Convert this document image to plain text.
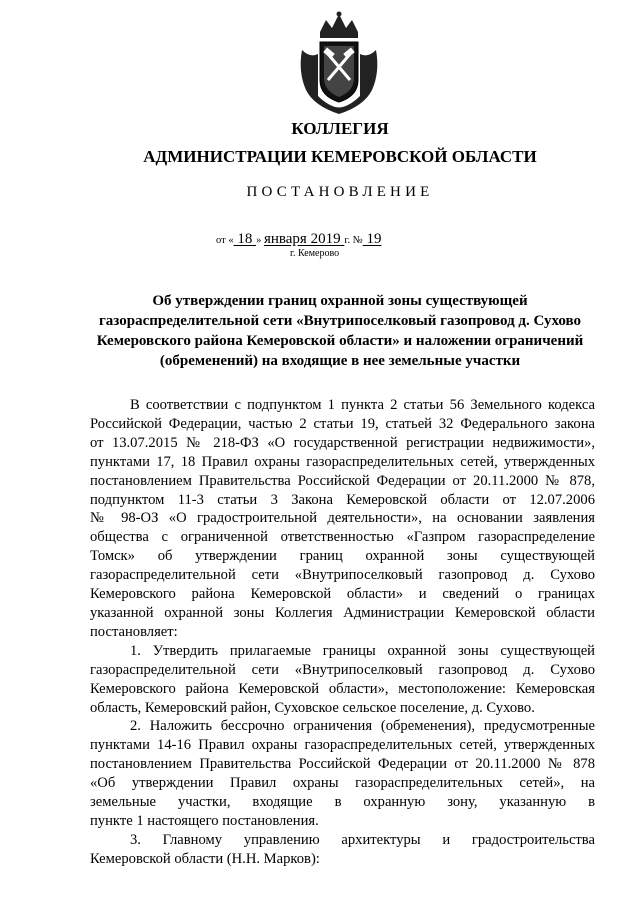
КОЛЛЕГИЯ
АДМИНИСТРАЦИИ КЕМЕРОВСКОЙ ОБЛАСТИ
ПОСТАНОВЛЕНИЕ
от « 18 » января 2019 г. № 19
г. Кемерово
Об утверждении границ охранной зоны существующей
газораспределительной сети «Внутрипоселковый газопровод д. Сухово
Кемеровского района Кемеровской области» и наложении ограничений
(обременений) на входящие в нее земельные участки
В соответствии с подпунктом 1 пункта 2 статьи 56 Земельного кодекса
Российской Федерации, частью 2 статьи 19, статьей 32 Федерального закона
от 13.07.2015 № 218-ФЗ «О государственной регистрации недвижимости»,
пунктами 17, 18 Правил охраны газораспределительных сетей, утвержденных
постановлением Правительства Российской Федерации от 20.11.2000 № 878,
подпунктом 11-3 статьи 3 Закона Кемеровской области от 12.07.2006
№ 98-ОЗ «О градостроительной деятельности», на основании заявления
общества с ограниченной ответственностью «Газпром газораспределение
Томск» об утверждении границ охранной зоны существующей
газораспределительной сети «Внутрипоселковый газопровод д. Сухово
Кемеровского района Кемеровской области» и сведений о границах
указанной охранной зоны Коллегия Администрации Кемеровской области
постановляет:
1. Утвердить прилагаемые границы охранной зоны существующей
газораспределительной сети «Внутрипоселковый газопровод д. Сухово
Кемеровского района Кемеровской области», местоположение: Кемеровская
область, Кемеровский район, Суховское сельское поселение, д. Сухово.
2. Наложить бессрочно ограничения (обременения), предусмотренные
пунктами 14-16 Правил охраны газораспределительных сетей, утвержденных
постановлением Правительства Российской Федерации от 20.11.2000 № 878
«Об утверждении Правил охраны газораспределительных сетей», на
земельные участки, входящие в охранную зону, указанную в
пункте 1 настоящего постановления.
3. Главному управлению архитектуры и градостроительства
Кемеровской области (Н.Н. Марков):
